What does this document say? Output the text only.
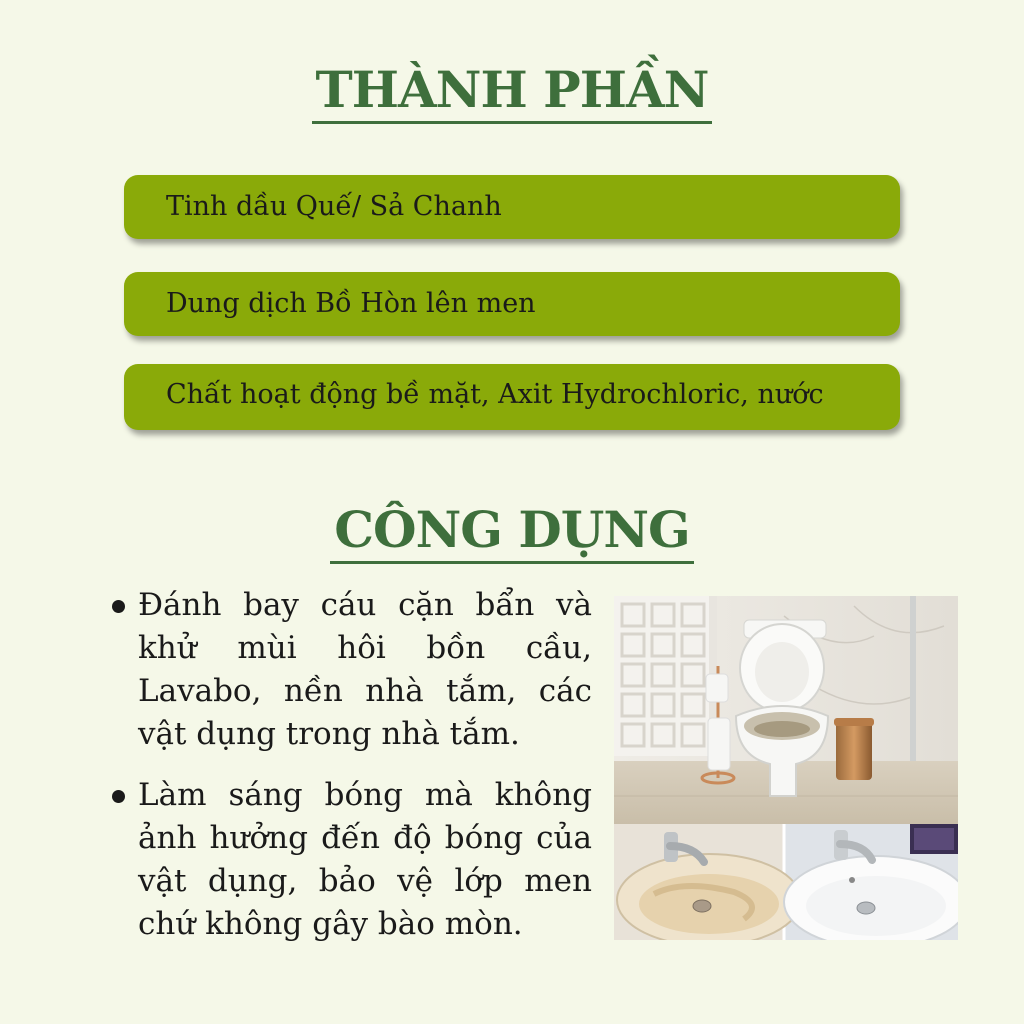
THÀNH PHẦN
Tinh dầu Quế/ Sả Chanh
Dung dịch Bồ Hòn lên men
Chất hoạt động bề mặt, Axit Hydrochloric, nước
CÔNG DỤNG
Đánh bay cáu cặn bẩn và khử mùi hôi bồn cầu, Lavabo, nền nhà tắm, các vật dụng trong nhà tắm.
Làm sáng bóng mà không ảnh hưởng đến độ bóng của vật dụng, bảo vệ lớp men chứ không gây bào mòn.
